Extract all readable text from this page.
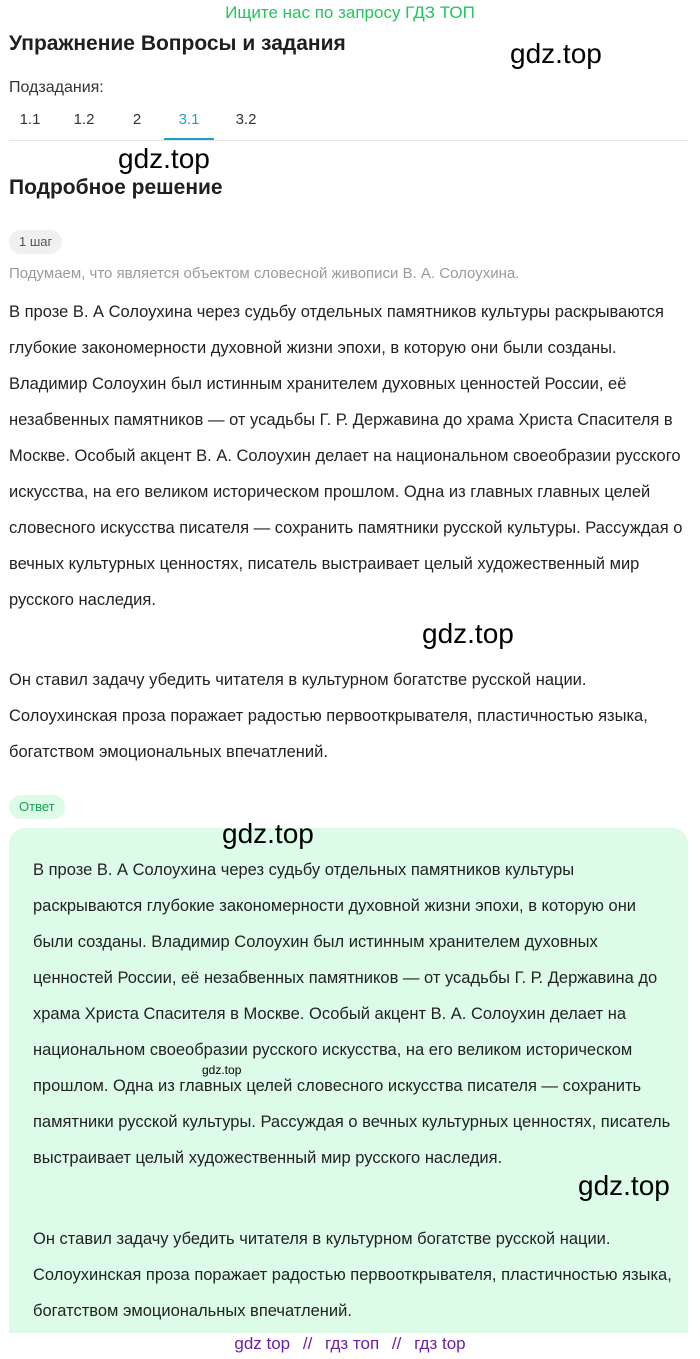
Ищите нас по запросу ГДЗ ТОП
Упражнение Вопросы и задания	gdz.top
Подзадания:
1.1	1.2	2	3.1	3.2
gdz.top
Подробное решение
1 шаг
Подумаем, что является объектом словесной живописи В. А. Солоухина.
В прозе В. А Солоухина через судьбу отдельных памятников культуры раскрываются глубокие закономерности духовной жизни эпохи, в которую они были созданы. Владимир Солоухин был истинным хранителем духовных ценностей России, её незабвенных памятников — от усадьбы Г. Р. Державина до храма Христа Спасителя в Москве. Особый акцент В. А. Солоухин делает на национальном своеобразии русского искусства, на его великом историческом прошлом. Одна из главных главных целей словесного искусства писателя — сохранить памятники русской культуры. Рассуждая о вечных культурных ценностях, писатель выстраивает целый художественный мир русского наследия.
gdz.top
Он ставил задачу убедить читателя в культурном богатстве русской нации. Солоухинская проза поражает радостью первооткрывателя, пластичностью языка, богатством эмоциональных впечатлений.
Ответ
gdz.top
В прозе В. А Солоухина через судьбу отдельных памятников культуры раскрываются глубокие закономерности духовной жизни эпохи, в которую они были созданы. Владимир Солоухин был истинным хранителем духовных ценностей России, её незабвенных памятников — от усадьбы Г. Р. Державина до храма Христа Спасителя в Москве. Особый акцент В. А. Солоухин делает на национальном своеобразии русского искусства, на его великом историческом прошлом. Одна из главных целей словесного искусства писателя — сохранить памятники русской культуры. Рассуждая о вечных культурных ценностях, писатель выстраивает целый художественный мир русского наследия.
gdz.top
gdz.top
Он ставил задачу убедить читателя в культурном богатстве русской нации. Солоухинская проза поражает радостью первооткрывателя, пластичностью языка, богатством эмоциональных впечатлений.
gdz top // гдз топ // гдз top
